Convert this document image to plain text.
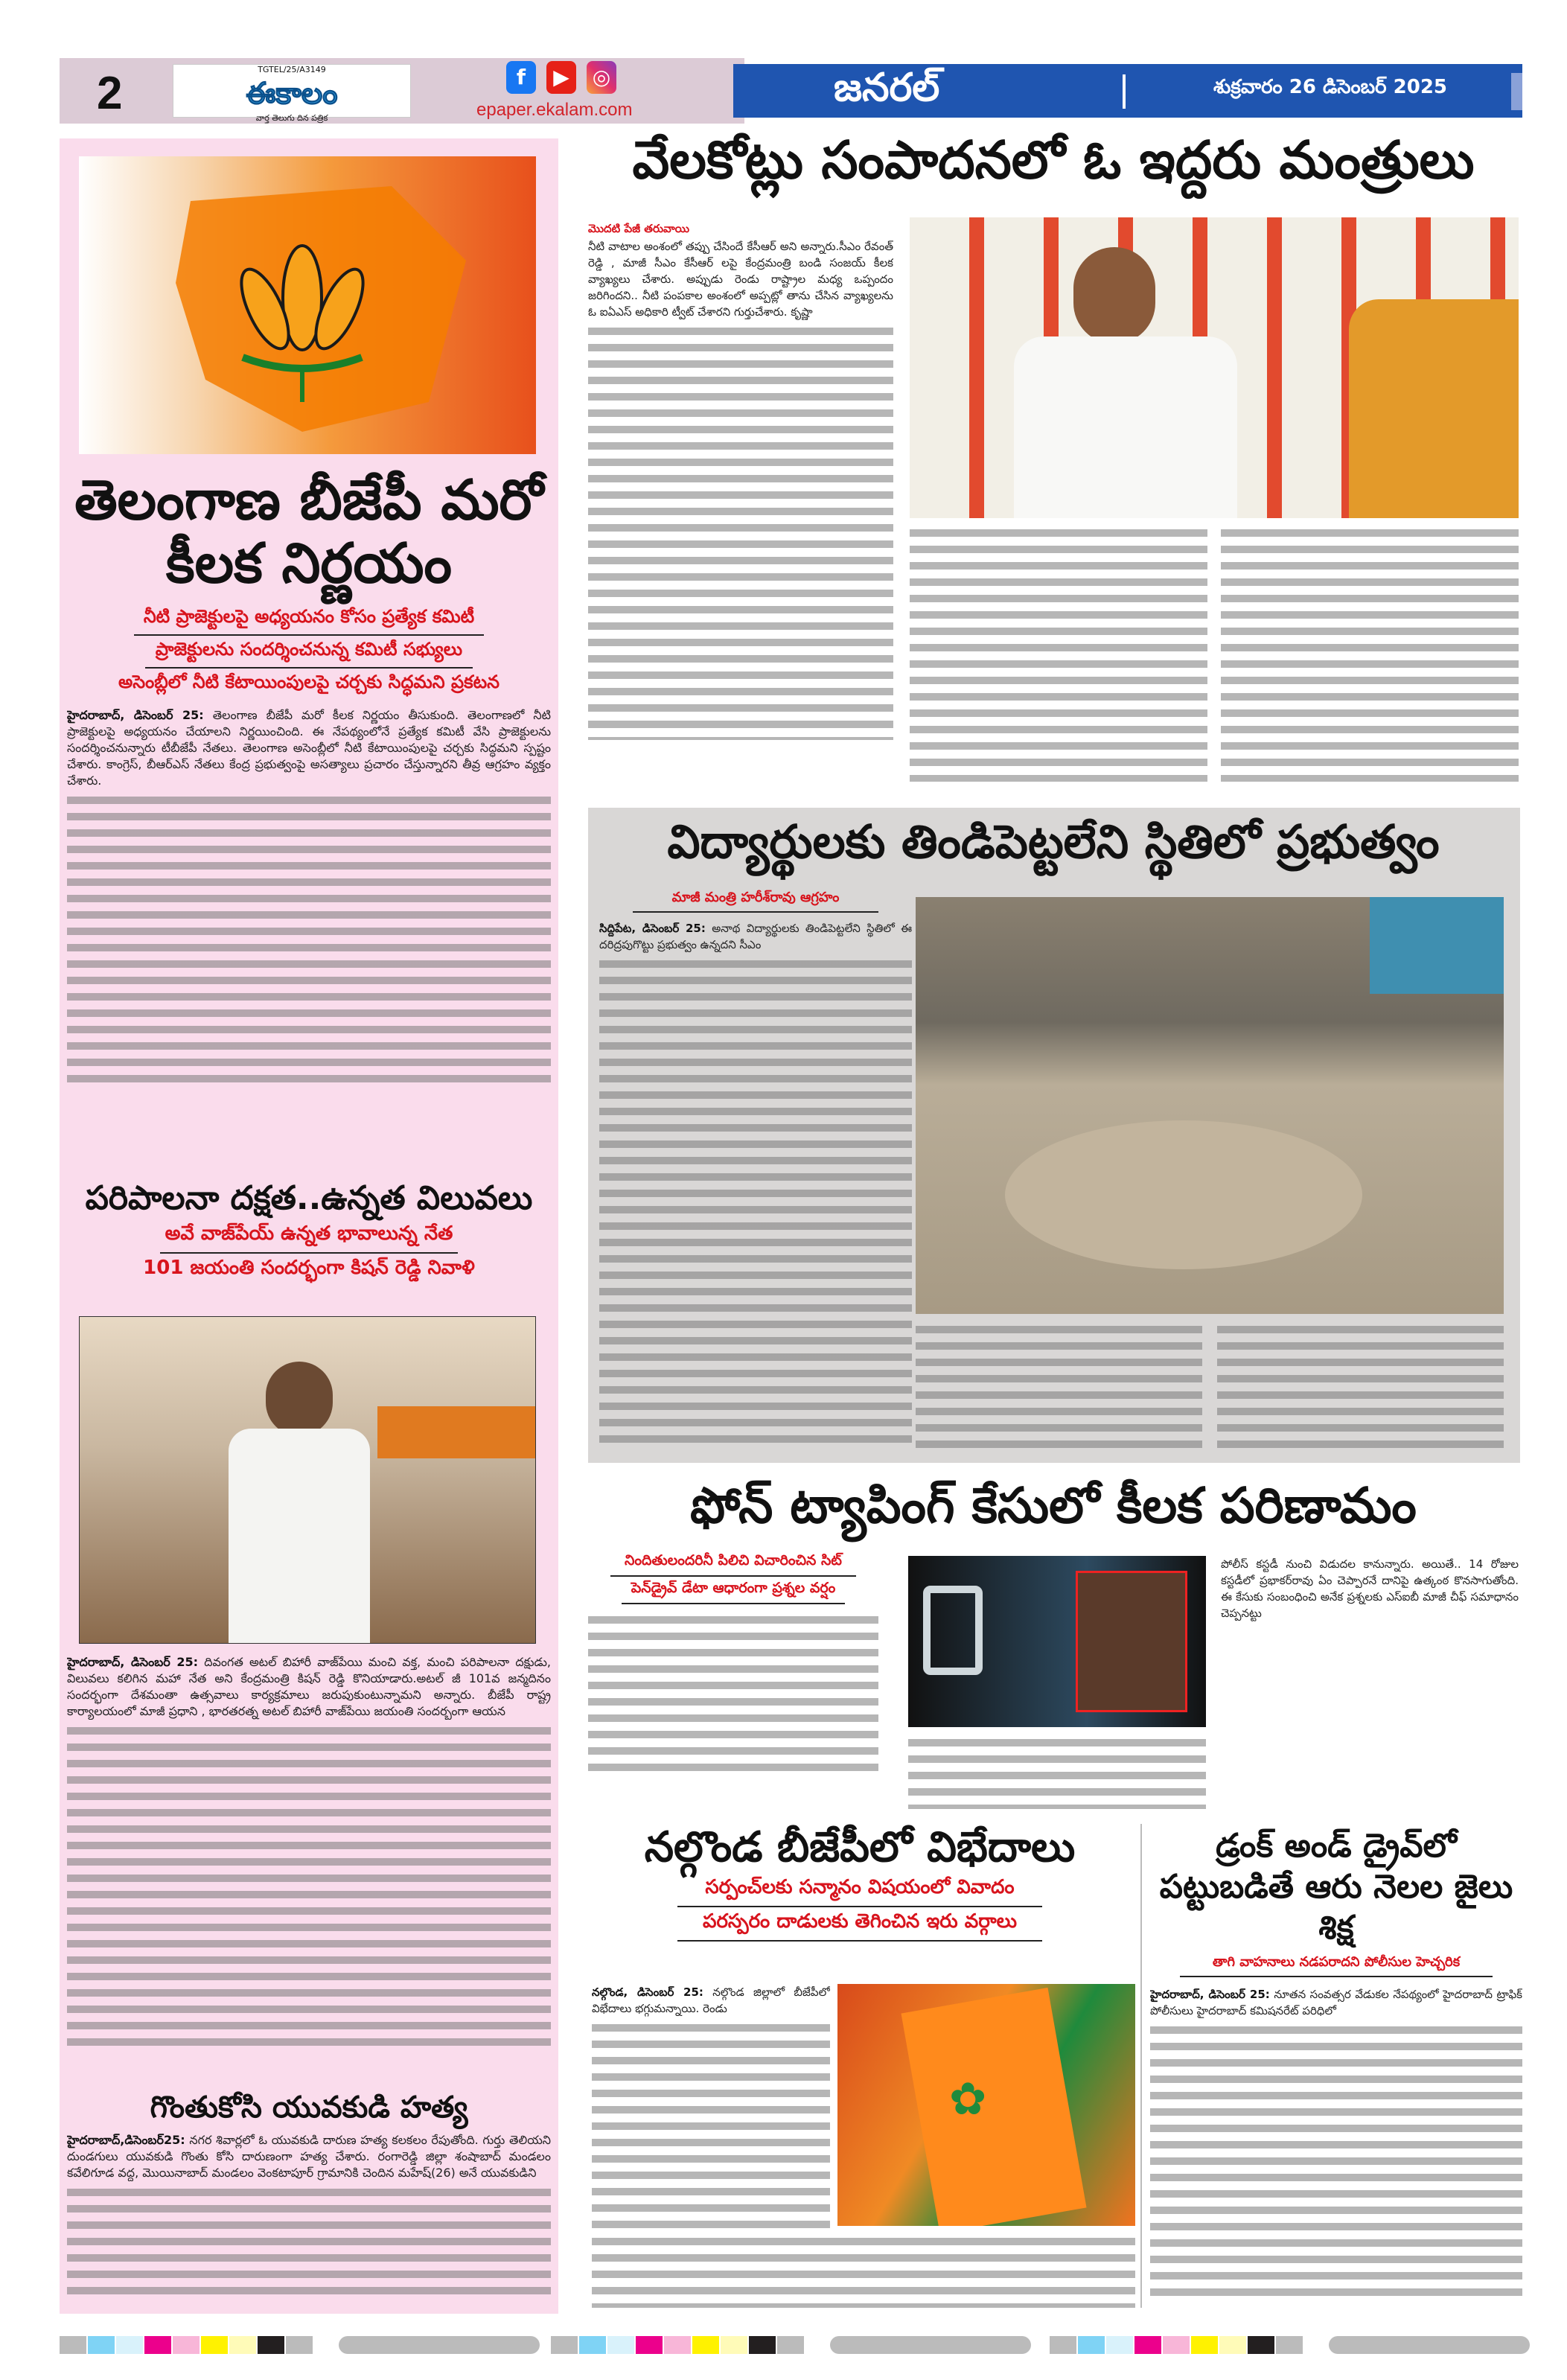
2	TGTEL/25/A3149
ఈకాలం
వార్త తెలుగు దిన పత్రిక
f	▶	◎
epaper.ekalam.com	జనరల్	శుక్రవారం 26 డిసెంబర్ 2025
తెలంగాణ బీజేపీ మరో కీలక నిర్ణయం
నీటి ప్రాజెక్టులపై అధ్యయనం కోసం ప్రత్యేక కమిటీ
ప్రాజెక్టులను సందర్శించనున్న కమిటీ సభ్యులు
అసెంబ్లీలో నీటి కేటాయింపులపై చర్చకు సిద్ధమని ప్రకటన
హైదరాబాద్, డిసెంబర్ 25: తెలంగాణ బీజేపీ మరో కీలక నిర్ణయం తీసుకుంది. తెలంగాణలో నీటి ప్రాజెక్టులపై అధ్యయనం చేయాలని నిర్ణయించింది. ఈ నేపథ్యంలోనే ప్రత్యేక కమిటీ వేసి ప్రాజెక్టులను సందర్శించనున్నారు టీబీజేపీ నేతలు. తెలంగాణ అసెంబ్లీలో నీటి కేటాయింపులపై చర్చకు సిద్ధమని స్పష్టం చేశారు. కాంగ్రెస్, బీఆర్ఎస్ నేతలు కేంద్ర ప్రభుత్వంపై అసత్యాలు ప్రచారం చేస్తున్నారని తీవ్ర ఆగ్రహం వ్యక్తం చేశారు.
పరిపాలనా దక్షత..ఉన్నత విలువలు
అవే వాజ్‌పేయ్ ఉన్నత భావాలున్న నేత
101 జయంతి సందర్భంగా కిషన్ రెడ్డి నివాళి
హైదరాబాద్, డిసెంబర్ 25: దివంగత అటల్ బిహారీ వాజ్‌పేయి మంచి వక్త, మంచి పరిపాలనా దక్షుడు, విలువలు కలిగిన మహా నేత అని కేంద్రమంత్రి కిషన్ రెడ్డి కొనియాడారు.అటల్ జీ 101వ జన్మదినం సందర్భంగా దేశమంతా ఉత్సవాలు కార్యక్రమాలు జరుపుకుంటున్నామని అన్నారు. బీజేపీ రాష్ట్ర కార్యాలయంలో మాజీ ప్రధాని , భారతరత్న అటల్ బిహారీ వాజ్‌పేయి జయంతి సందర్భంగా ఆయన
గొంతుకోసి యువకుడి హత్య
హైదరాబాద్,డిసెంబర్25: నగర శివార్లలో ఓ యువకుడి దారుణ హత్య కలకలం రేపుతోంది. గుర్తు తెలియని దుండగులు యువకుడి గొంతు కోసి దారుణంగా హత్య చేశారు. రంగారెడ్డి జిల్లా శంషాబాద్ మండలం కవేలిగూడ వద్ద, మొయినాబాద్ మండలం వెంకటాపూర్ గ్రామానికి చెందిన మహేష్(26) అనే యువకుడిని
వేలకోట్లు సంపాదనలో ఓ ఇద్దరు మంత్రులు
మొదటి పేజీ తరువాయి
నీటి వాటాల అంశంలో తప్పు చేసిందే కేసీఆర్ అని అన్నారు.సీఎం రేవంత్ రెడ్డి , మాజీ సీఎం కేసీఆర్ లపై కేంద్రమంత్రి బండి సంజయ్ కీలక వ్యాఖ్యలు చేశారు. అప్పుడు రెండు రాష్ట్రాల మధ్య ఒప్పందం జరిగిందని.. నీటి పంపకాల అంశంలో అప్పట్లో తాను చేసిన వ్యాఖ్యలను ఓ ఐఏఎస్ అధికారి ట్వీట్ చేశారని గుర్తుచేశారు. కృష్ణా
విద్యార్థులకు తిండిపెట్టలేని స్థితిలో ప్రభుత్వం
మాజీ మంత్రి హరీశ్‌రావు ఆగ్రహం
సిద్దిపేట, డిసెంబర్ 25: అనాథ విద్యార్థులకు తిండిపెట్టలేని స్థితిలో ఈ దరిద్రపుగొట్టు ప్రభుత్వం ఉన్నదని సీఎం
ఫోన్ ట్యాపింగ్ కేసులో కీలక పరిణామం
నిందితులందరినీ పిలిచి విచారించిన సిట్
పెన్‌డ్రైవ్ డేటా ఆధారంగా ప్రశ్నల వర్షం
పోలీస్ కస్టడీ నుంచి విడుదల కానున్నారు. అయితే.. 14 రోజుల కస్టడీలో ప్రభాకర్‌రావు ఏం చెప్పారనే దానిపై ఉత్కంఠ కొనసాగుతోంది. ఈ కేసుకు సంబంధించి అనేక ప్రశ్నలకు ఎస్ఐబీ మాజీ చీఫ్ సమాధానం చెప్పనట్టు
నల్గొండ బీజేపీలో విభేదాలు
సర్పంచ్‌లకు సన్మానం విషయంలో వివాదం
పరస్పరం దాడులకు తెగించిన ఇరు వర్గాలు
నల్గొండ, డిసెంబర్ 25: నల్గొండ జిల్లాలో బీజేపీలో విభేదాలు భగ్గుమన్నాయి. రెండు
✿
డ్రంక్ అండ్ డ్రైవ్‌లో పట్టుబడితే ఆరు నెలల జైలు శిక్ష
తాగి వాహనాలు నడపరాదని పోలీసుల హెచ్చరిక
హైదరాబాద్, డిసెంబర్ 25: నూతన సంవత్సర వేడుకల నేపథ్యంలో హైదరాబాద్ ట్రాఫిక్ పోలీసులు హైదరాబాద్ కమిషనరేట్ పరిధిలో
